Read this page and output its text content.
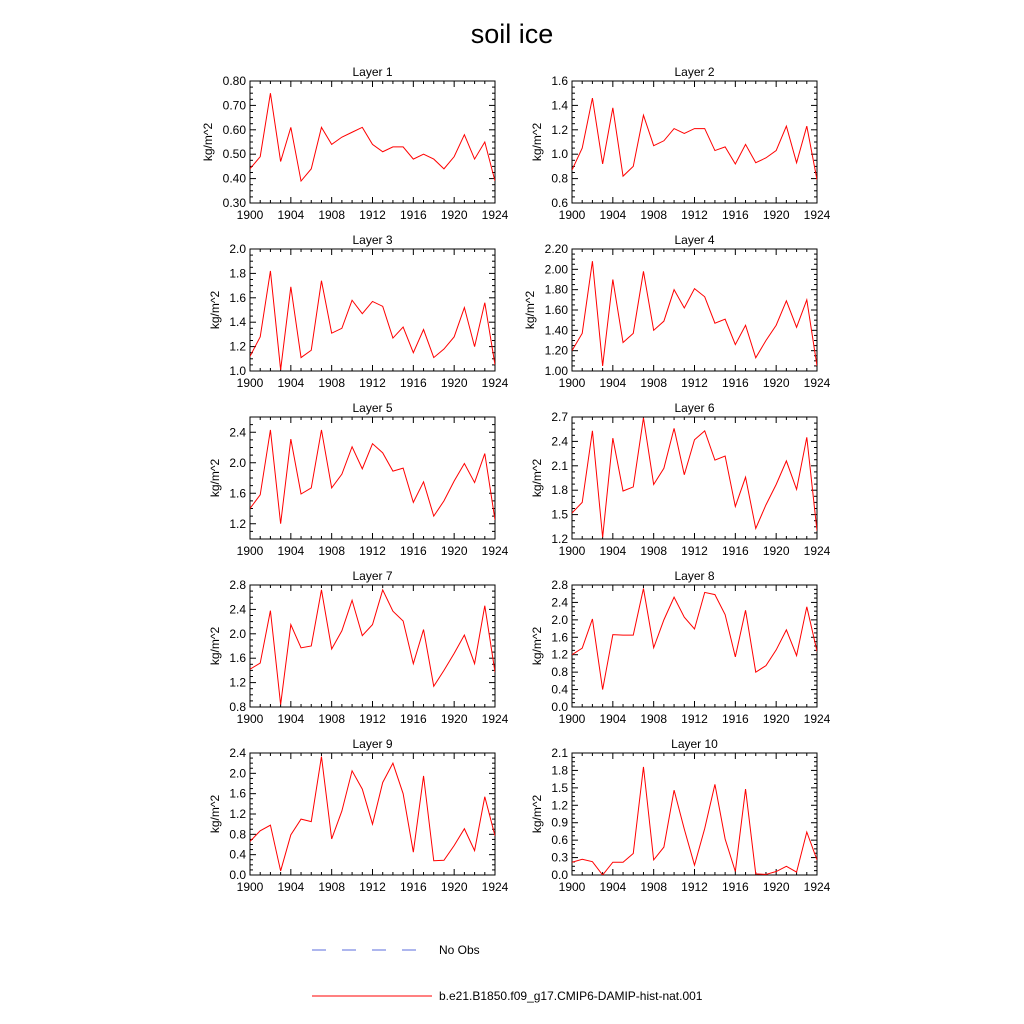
soil ice
Layer 1
1900 1904 1908 1912 1916 1920 1924
0.30
0.40
0.50
0.60
0.70
0.80
kg/m^2
Layer 2
1900 1904 1908 1912 1916 1920 1924
0.6
0.8
1.0
1.2
1.4
1.6
kg/m^2
Layer 3
1900 1904 1908 1912 1916 1920 1924
1.0
1.2
1.4
1.6
1.8
2.0
kg/m^2
Layer 4
1900 1904 1908 1912 1916 1920 1924
1.00
1.20
1.40
1.60
1.80
2.00
2.20
kg/m^2
Layer 5
1900 1904 1908 1912 1916 1920 1924
1.2
1.6
2.0
2.4
kg/m^2
Layer 6
1900 1904 1908 1912 1916 1920 1924
1.2
1.5
1.8
2.1
2.4
2.7
kg/m^2
Layer 7
1900 1904 1908 1912 1916 1920 1924
0.8
1.2
1.6
2.0
2.4
2.8
kg/m^2
Layer 8
1900 1904 1908 1912 1916 1920 1924
0.0
0.4
0.8
1.2
1.6
2.0
2.4
2.8
kg/m^2
Layer 9
1900 1904 1908 1912 1916 1920 1924
0.0
0.4
0.8
1.2
1.6
2.0
2.4
kg/m^2
Layer 10
1900 1904 1908 1912 1916 1920 1924
0.0
0.3
0.6
0.9
1.2
1.5
1.8
2.1
kg/m^2
No Obs
b.e21.B1850.f09_g17.CMIP6-DAMIP-hist-nat.001
